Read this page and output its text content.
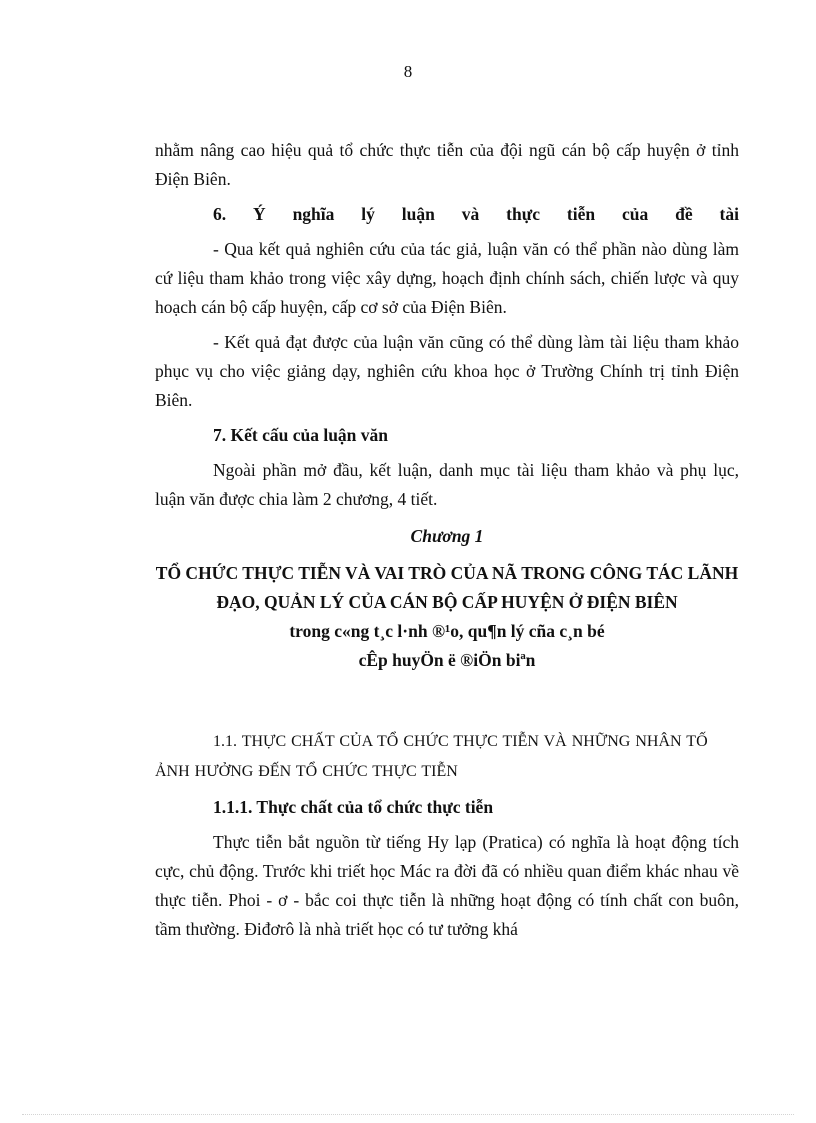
8

nhằm nâng cao hiệu quả tổ chức thực tiễn của đội ngũ cán bộ cấp huyện ở tỉnh Điện Biên.

6. Ý nghĩa lý luận và thực tiễn của đề tài

- Qua kết quả nghiên cứu của tác giả, luận văn có thể phần nào dùng làm cứ liệu tham khảo trong việc xây dựng, hoạch định chính sách, chiến lược và quy hoạch cán bộ cấp huyện, cấp cơ sở của Điện Biên.

- Kết quả đạt được của luận văn cũng có thể dùng làm tài liệu tham khảo phục vụ cho việc giảng dạy, nghiên cứu khoa học ở Trường Chính trị tỉnh Điện Biên.

7. Kết cấu của luận văn

Ngoài phần mở đầu, kết luận, danh mục tài liệu tham khảo và phụ lục, luận văn được chia làm 2 chương, 4 tiết.

Chương 1

TỔ CHỨC THỰC TIỄN VÀ VAI TRÒ CỦA NÃ TRONG CÔNG TÁC LÃNH ĐẠO, QUẢN LÝ CỦA CÁN BỘ CẤP HUYỆN Ở ĐIỆN BIÊN

trong c«ng t¸c l·nh ®¹o, qu¶n lý cña c¸n bé

cÊp huyÖn ë ®iÖn biªn

1.1. THỰC CHẤT CỦA TỔ CHỨC THỰC TIỄN VÀ NHỮNG NHÂN TỐ ẢNH HƯỞNG ĐẾN TỔ CHỨC THỰC TIỄN

1.1.1. Thực chất của tổ chức thực tiễn

Thực tiễn bắt nguồn từ tiếng Hy lạp (Pratica) có nghĩa là hoạt động tích cực, chủ động. Trước khi triết học Mác ra đời đã có nhiều quan điểm khác nhau về thực tiễn. Phoi - ơ - bắc coi thực tiễn là những hoạt động có tính chất con buôn, tầm thường. Điđơrô là nhà triết học có tư tưởng khá
